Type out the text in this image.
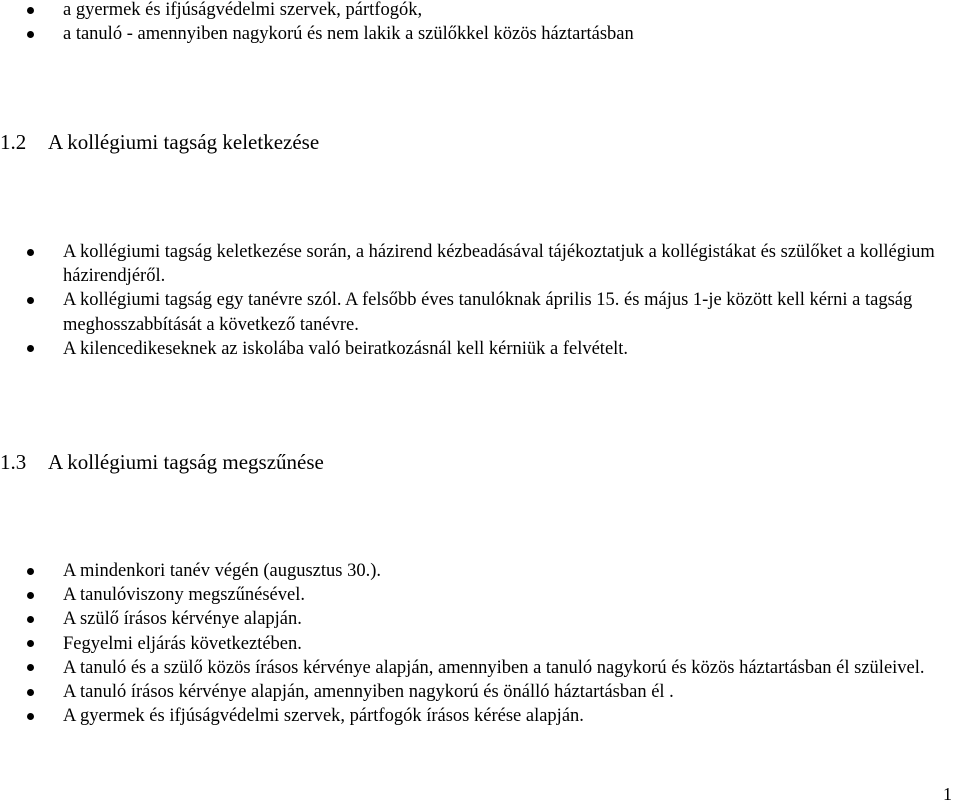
a gyermek és ifjúságvédelmi szervek, pártfogók,
a tanuló - amennyiben nagykorú és nem lakik a szülőkkel közös háztartásban
1.2 A kollégiumi tagság keletkezése
A kollégiumi tagság keletkezése során, a házirend kézbeadásával tájékoztatjuk a kollégistákat és szülőket a kollégium házirendjéről.
A kollégiumi tagság egy tanévre szól. A felsőbb éves tanulóknak április 15. és május 1-je között kell kérni a tagság meghosszabbítását a következő tanévre.
A kilencedikeseknek az iskolába való beiratkozásnál kell kérniük a felvételt.
1.3 A kollégiumi tagság megszűnése
A mindenkori tanév végén (augusztus 30.).
A tanulóviszony megszűnésével.
A szülő írásos kérvénye alapján.
Fegyelmi eljárás következtében.
A tanuló és a szülő közös írásos kérvénye alapján, amennyiben a tanuló nagykorú és közös háztartásban él szüleivel.
A tanuló írásos kérvénye alapján, amennyiben nagykorú és önálló háztartásban él .
A gyermek és ifjúságvédelmi szervek, pártfogók írásos kérése alapján.
1
